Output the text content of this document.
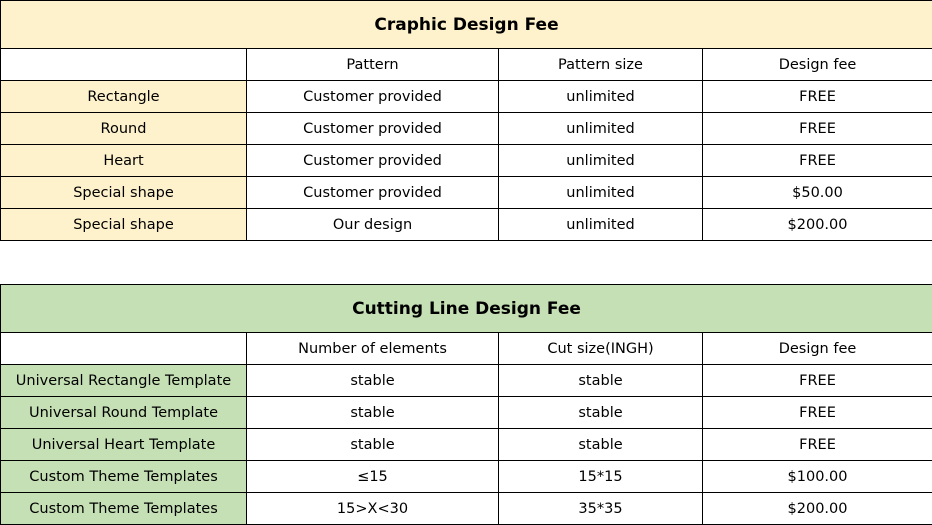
Craphic Design Fee			
	Pattern	Pattern size	Design fee
Rectangle	Customer provided	unlimited	FREE
Round	Customer provided	unlimited	FREE
Heart	Customer provided	unlimited	FREE
Special shape	Customer provided	unlimited	$50.00
Special shape	Our design	unlimited	$200.00
Cutting Line Design Fee			
	Number of elements	Cut size(INGH)	Design fee
Universal Rectangle Template	stable	stable	FREE
Universal Round Template	stable	stable	FREE
Universal Heart Template	stable	stable	FREE
Custom Theme Templates	≤15	15*15	$100.00
Custom Theme Templates	15>X<30	35*35	$200.00
